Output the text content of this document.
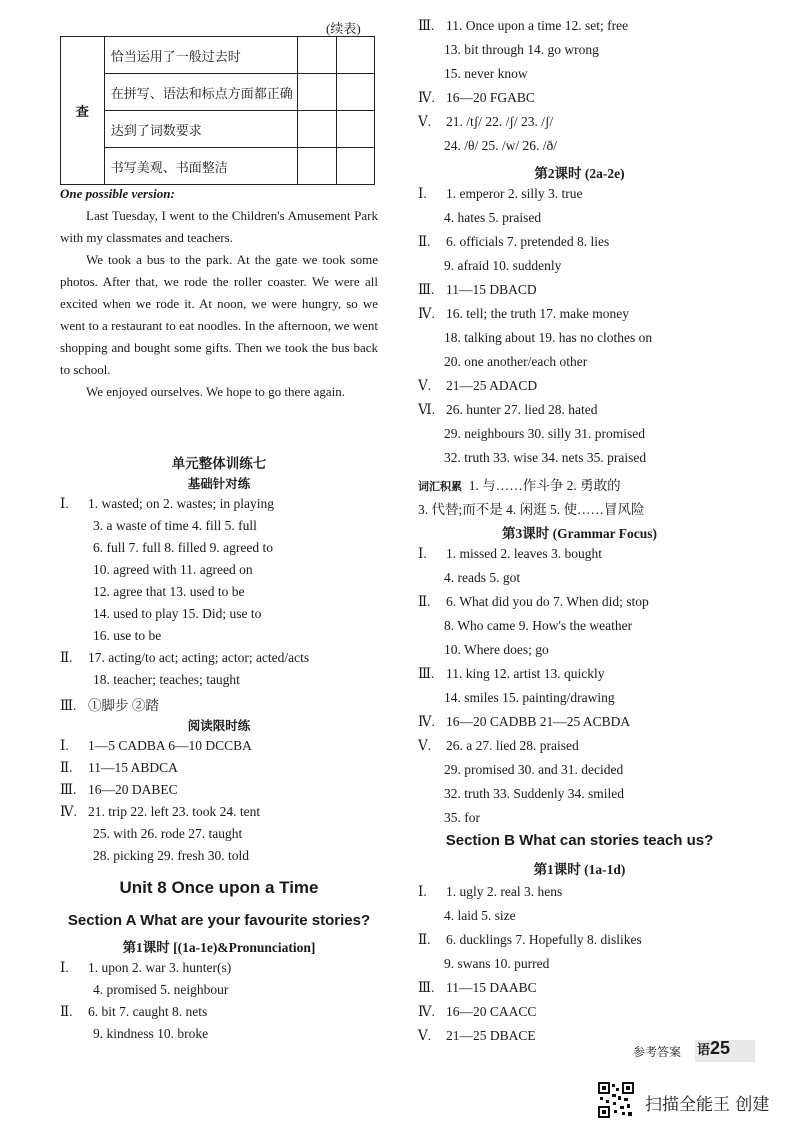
(续表)
查	恰当运用了一般过去时		
	在拼写、语法和标点方面都正确		
	达到了词数要求		
	书写美观、书面整洁		
One possible version:

Last Tuesday, I went to the Children's Amusement Park with my classmates and teachers.

We took a bus to the park. At the gate we took some photos. After that, we rode the roller coaster. We were all excited when we rode it. At noon, we were hungry, so we went to a restaurant to eat noodles. In the afternoon, we went shopping and bought some gifts. Then we took the bus back to school.

We enjoyed ourselves. We hope to go there again.

单元整体训练七
基础针对练
Ⅰ. 1. wasted; on 2. wastes; in playing
3. a waste of time 4. fill 5. full
6. full 7. full 8. filled 9. agreed to
10. agreed with 11. agreed on
12. agree that 13. used to be
14. used to play 15. Did; use to
16. use to be
Ⅱ. 17. acting/to act; acting; actor; acted/acts
18. teacher; teaches; taught
Ⅲ. ①脚步 ②踏
阅读限时练
Ⅰ. 1—5 CADBA 6—10 DCCBA
Ⅱ. 11—15 ABDCA
Ⅲ. 16—20 DABEC
Ⅳ. 21. trip 22. left 23. took 24. tent
25. with 26. rode 27. taught
28. picking 29. fresh 30. told
Unit 8 Once upon a Time
Section A What are your favourite stories?
第1课时 [(1a-1e)&Pronunciation]
Ⅰ. 1. upon 2. war 3. hunter(s)
4. promised 5. neighbour
Ⅱ. 6. bit 7. caught 8. nets
9. kindness 10. broke
Ⅲ. 11. Once upon a time 12. set; free
13. bit through 14. go wrong
15. never know
Ⅳ. 16—20 FGABC
Ⅴ. 21. /tʃ/ 22. /ʃ/ 23. /ʃ/
24. /θ/ 25. /w/ 26. /ð/
第2课时 (2a-2e)
Ⅰ. 1. emperor 2. silly 3. true
4. hates 5. praised
Ⅱ. 6. officials 7. pretended 8. lies
9. afraid 10. suddenly
Ⅲ. 11—15 DBACD
Ⅳ. 16. tell; the truth 17. make money
18. talking about 19. has no clothes on
20. one another/each other
Ⅴ. 21—25 ADACD
Ⅵ. 26. hunter 27. lied 28. hated
29. neighbours 30. silly 31. promised
32. truth 33. wise 34. nets 35. praised
词汇积累 1. 与……作斗争 2. 勇敢的
3. 代替;而不是 4. 闲逛 5. 使……冒风险
第3课时 (Grammar Focus)
Ⅰ. 1. missed 2. leaves 3. bought
4. reads 5. got
Ⅱ. 6. What did you do 7. When did; stop
8. Who came 9. How's the weather
10. Where does; go
Ⅲ. 11. king 12. artist 13. quickly
14. smiles 15. painting/drawing
Ⅳ. 16—20 CADBB 21—25 ACBDA
Ⅴ. 26. a 27. lied 28. praised
29. promised 30. and 31. decided
32. truth 33. Suddenly 34. smiled
35. for
Section B What can stories teach us?
第1课时 (1a-1d)
Ⅰ. 1. ugly 2. real 3. hens
4. laid 5. size
Ⅱ. 6. ducklings 7. Hopefully 8. dislikes
9. swans 10. purred
Ⅲ. 11—15 DAABC
Ⅳ. 16—20 CAACC
Ⅴ. 21—25 DBACE
参考答案 语25
扫描全能王 创建
